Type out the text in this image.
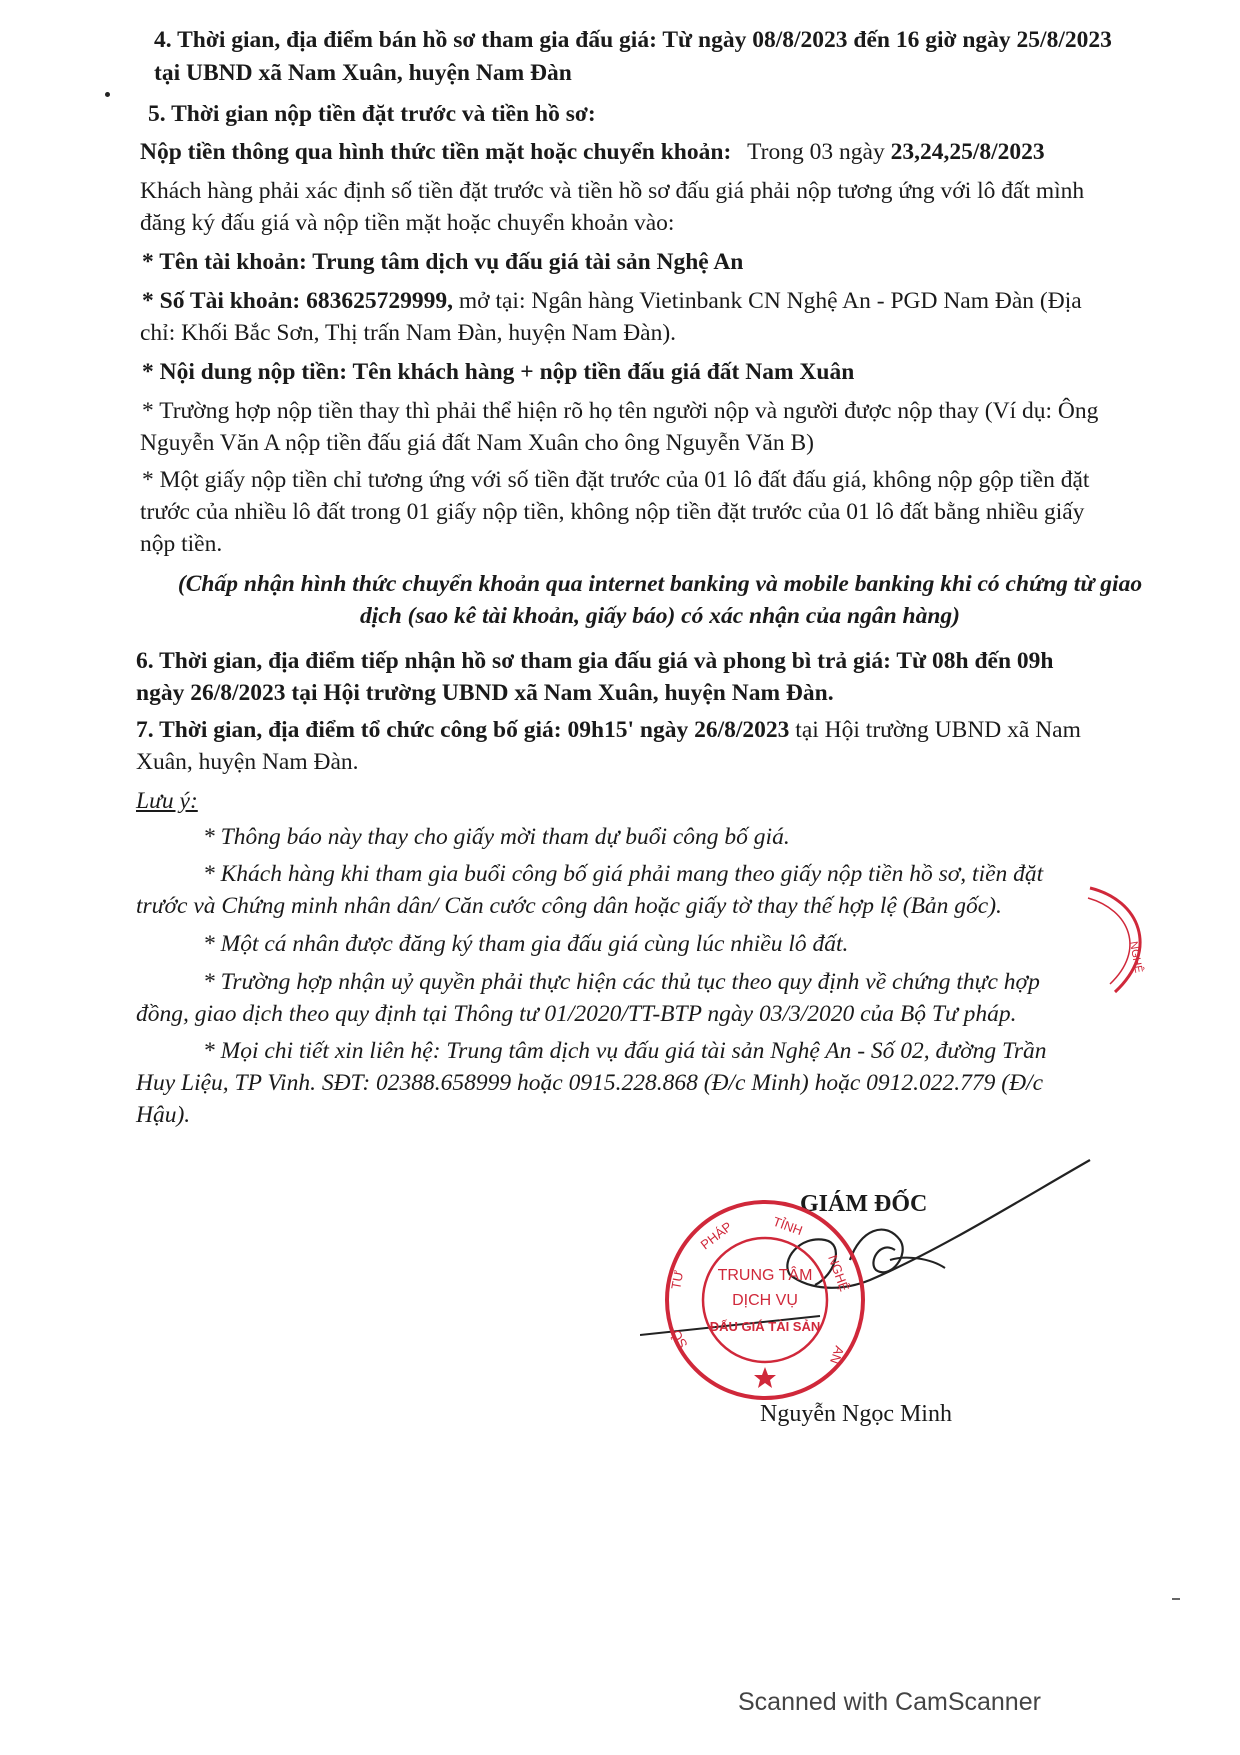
4. Thời gian, địa điểm bán hồ sơ tham gia đấu giá: Từ ngày 08/8/2023 đến 16 giờ ngày 25/8/2023
tại UBND xã Nam Xuân, huyện Nam Đàn
5. Thời gian nộp tiền đặt trước và tiền hồ sơ:
Nộp tiền thông qua hình thức tiền mặt hoặc chuyển khoản: Trong 03 ngày 23,24,25/8/2023
Khách hàng phải xác định số tiền đặt trước và tiền hồ sơ đấu giá phải nộp tương ứng với lô đất mình
đăng ký đấu giá và nộp tiền mặt hoặc chuyển khoản vào:
* Tên tài khoản: Trung tâm dịch vụ đấu giá tài sản Nghệ An
* Số Tài khoản: 683625729999, mở tại: Ngân hàng Vietinbank CN Nghệ An - PGD Nam Đàn (Địa
chỉ: Khối Bắc Sơn, Thị trấn Nam Đàn, huyện Nam Đàn).
* Nội dung nộp tiền: Tên khách hàng + nộp tiền đấu giá đất Nam Xuân
* Trường hợp nộp tiền thay thì phải thể hiện rõ họ tên người nộp và người được nộp thay (Ví dụ: Ông
Nguyễn Văn A nộp tiền đấu giá đất Nam Xuân cho ông Nguyễn Văn B)
* Một giấy nộp tiền chỉ tương ứng với số tiền đặt trước của 01 lô đất đấu giá, không nộp gộp tiền đặt
trước của nhiều lô đất trong 01 giấy nộp tiền, không nộp tiền đặt trước của 01 lô đất bằng nhiều giấy
nộp tiền.
(Chấp nhận hình thức chuyển khoản qua internet banking và mobile banking khi có chứng từ giao
dịch (sao kê tài khoản, giấy báo) có xác nhận của ngân hàng)
6. Thời gian, địa điểm tiếp nhận hồ sơ tham gia đấu giá và phong bì trả giá: Từ 08h đến 09h
ngày 26/8/2023 tại Hội trường UBND xã Nam Xuân, huyện Nam Đàn.
7. Thời gian, địa điểm tổ chức công bố giá: 09h15' ngày 26/8/2023 tại Hội trường UBND xã Nam
Xuân, huyện Nam Đàn.
Lưu ý:
* Thông báo này thay cho giấy mời tham dự buổi công bố giá.
* Khách hàng khi tham gia buổi công bố giá phải mang theo giấy nộp tiền hồ sơ, tiền đặt
trước và Chứng minh nhân dân/ Căn cước công dân hoặc giấy tờ thay thế hợp lệ (Bản gốc).
* Một cá nhân được đăng ký tham gia đấu giá cùng lúc nhiều lô đất.
* Trường hợp nhận uỷ quyền phải thực hiện các thủ tục theo quy định về chứng thực hợp
đồng, giao dịch theo quy định tại Thông tư 01/2020/TT-BTP ngày 03/3/2020 của Bộ Tư pháp.
* Mọi chi tiết xin liên hệ: Trung tâm dịch vụ đấu giá tài sản Nghệ An - Số 02, đường Trần
Huy Liệu, TP Vinh. SĐT: 02388.658999 hoặc 0915.228.868 (Đ/c Minh) hoặc 0912.022.779 (Đ/c
Hậu).
GIÁM ĐỐC
NGHỆ
PHÁP	TỈNH
NGHỆ
AN
TƯ
SỞ
TRUNG TÂM
DỊCH VỤ
ĐẤU GIÁ TÀI SẢN
Nguyễn Ngọc Minh
Scanned with CamScanner
